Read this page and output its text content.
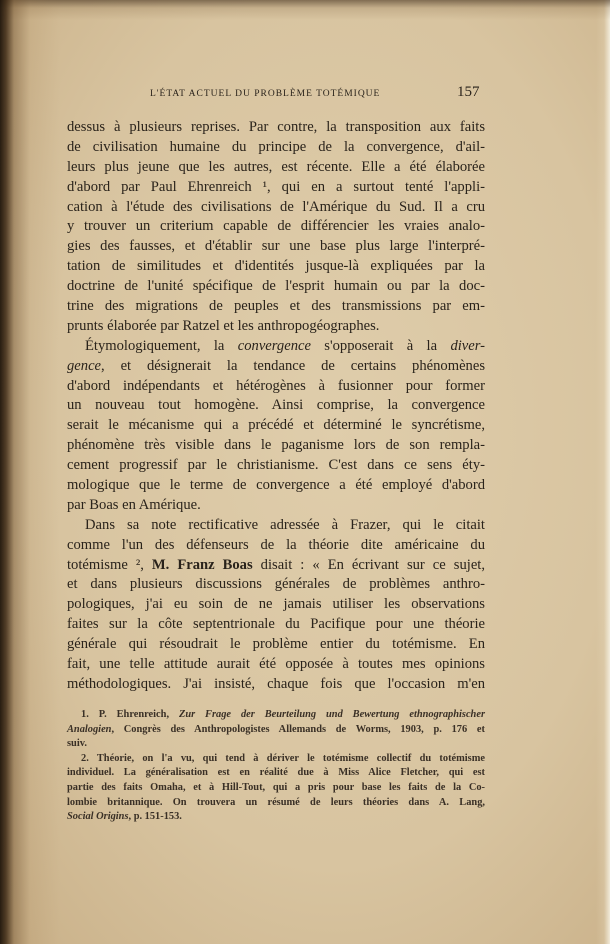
L'ÉTAT ACTUEL DU PROBLÈME TOTÉMIQUE	157
dessus à plusieurs reprises. Par contre, la transposition aux faits
de civilisation humaine du principe de la convergence, d'ail-
leurs plus jeune que les autres, est récente. Elle a été élaborée
d'abord par Paul Ehrenreich ¹, qui en a surtout tenté l'appli-
cation à l'étude des civilisations de l'Amérique du Sud. Il a cru
y trouver un criterium capable de différencier les vraies analo-
gies des fausses, et d'établir sur une base plus large l'interpré-
tation de similitudes et d'identités jusque-là expliquées par la
doctrine de l'unité spécifique de l'esprit humain ou par la doc-
trine des migrations de peuples et des transmissions par em-
prunts élaborée par Ratzel et les anthropogéographes.
Étymologiquement, la convergence s'opposerait à la diver-
gence, et désignerait la tendance de certains phénomènes
d'abord indépendants et hétérogènes à fusionner pour former
un nouveau tout homogène. Ainsi comprise, la convergence
serait le mécanisme qui a précédé et déterminé le syncrétisme,
phénomène très visible dans le paganisme lors de son rempla-
cement progressif par le christianisme. C'est dans ce sens éty-
mologique que le terme de convergence a été employé d'abord
par Boas en Amérique.
Dans sa note rectificative adressée à Frazer, qui le citait
comme l'un des défenseurs de la théorie dite américaine du
totémisme ², M. Franz Boas disait : « En écrivant sur ce sujet,
et dans plusieurs discussions générales de problèmes anthro-
pologiques, j'ai eu soin de ne jamais utiliser les observations
faites sur la côte septentrionale du Pacifique pour une théorie
générale qui résoudrait le problème entier du totémisme. En
fait, une telle attitude aurait été opposée à toutes mes opinions
méthodologiques. J'ai insisté, chaque fois que l'occasion m'en
1. P. Ehrenreich, Zur Frage der Beurteilung und Bewertung ethnographischer
Analogien, Congrès des Anthropologistes Allemands de Worms, 1903, p. 176 et
suiv.
2. Théorie, on l'a vu, qui tend à dériver le totémisme collectif du totémisme
individuel. La généralisation est en réalité due à Miss Alice Fletcher, qui est
partie des faits Omaha, et à Hill-Tout, qui a pris pour base les faits de la Co-
lombie britannique. On trouvera un résumé de leurs théories dans A. Lang,
Social Origins, p. 151-153.
